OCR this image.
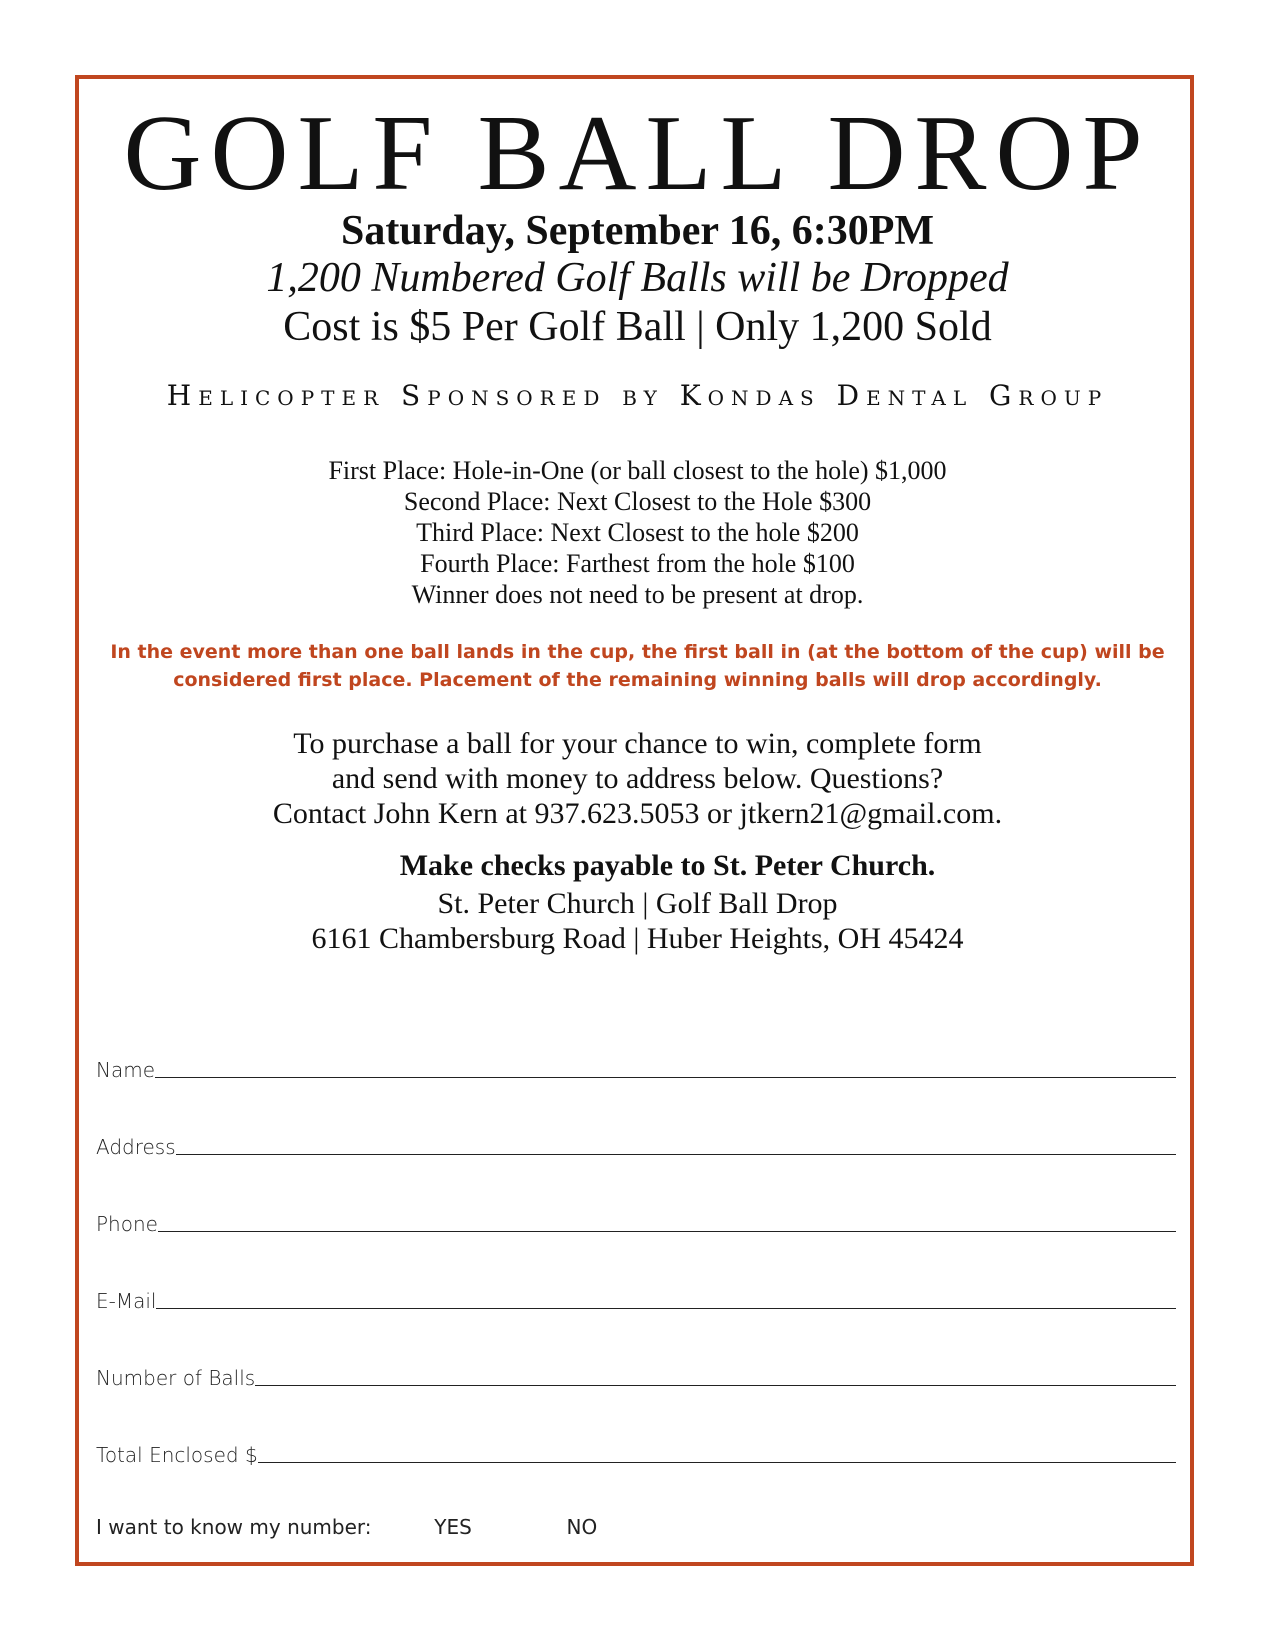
GOLF BALL DROP
Saturday, September 16, 6:30PM
1,200 Numbered Golf Balls will be Dropped
Cost is $5 Per Golf Ball | Only 1,200 Sold
Helicopter Sponsored by Kondas Dental Group
First Place: Hole-in-One (or ball closest to the hole) $1,000
Second Place: Next Closest to the Hole $300
Third Place: Next Closest to the hole $200
Fourth Place: Farthest from the hole $100
Winner does not need to be present at drop.
In the event more than one ball lands in the cup, the first ball in (at the bottom of the cup) will be
considered first place. Placement of the remaining winning balls will drop accordingly.
To purchase a ball for your chance to win, complete form
and send with money to address below. Questions?
Contact John Kern at 937.623.5053 or jtkern21@gmail.com.
Make checks payable to St. Peter Church.
St. Peter Church | Golf Ball Drop
6161 Chambersburg Road | Huber Heights, OH 45424
Name
Address
Phone
E-Mail
Number of Balls
Total Enclosed $
I want to know my number:	YES	NO
